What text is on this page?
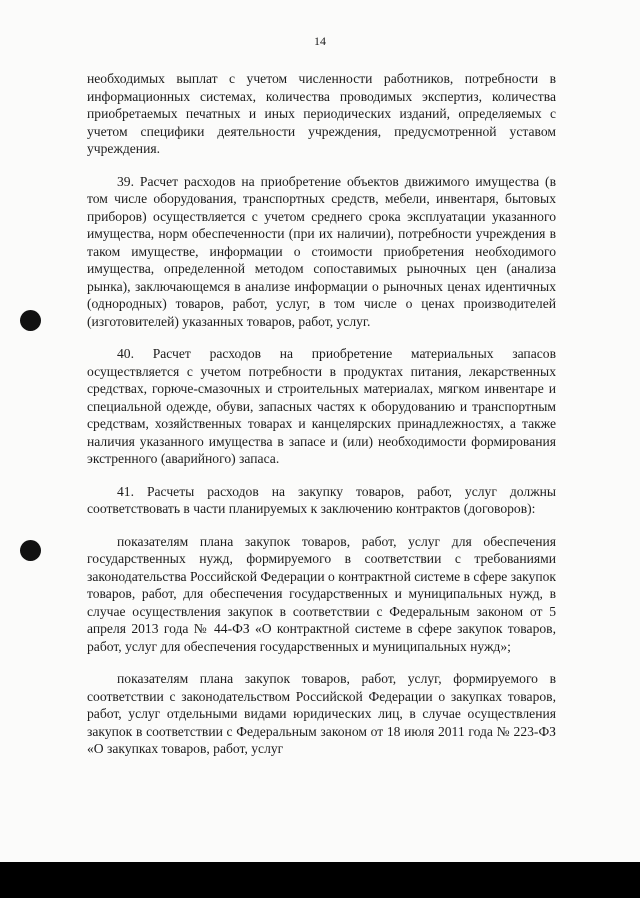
14

необходимых выплат с учетом численности работников, потребности в информационных системах, количества проводимых экспертиз, количества приобретаемых печатных и иных периодических изданий, определяемых с учетом специфики деятельности учреждения, предусмотренной уставом учреждения.

39. Расчет расходов на приобретение объектов движимого имущества (в том числе оборудования, транспортных средств, мебели, инвентаря, бытовых приборов) осуществляется с учетом среднего срока эксплуатации указанного имущества, норм обеспеченности (при их наличии), потребности учреждения в таком имуществе, информации о стоимости приобретения необходимого имущества, определенной методом сопоставимых рыночных цен (анализа рынка), заключающемся в анализе информации о рыночных ценах идентичных (однородных) товаров, работ, услуг, в том числе о ценах производителей (изготовителей) указанных товаров, работ, услуг.

40. Расчет расходов на приобретение материальных запасов осуществляется с учетом потребности в продуктах питания, лекарственных средствах, горюче-смазочных и строительных материалах, мягком инвентаре и специальной одежде, обуви, запасных частях к оборудованию и транспортным средствам, хозяйственных товарах и канцелярских принадлежностях, а также наличия указанного имущества в запасе и (или) необходимости формирования экстренного (аварийного) запаса.

41. Расчеты расходов на закупку товаров, работ, услуг должны соответствовать в части планируемых к заключению контрактов (договоров):

показателям плана закупок товаров, работ, услуг для обеспечения государственных нужд, формируемого в соответствии с требованиями законодательства Российской Федерации о контрактной системе в сфере закупок товаров, работ, для обеспечения государственных и муниципальных нужд, в случае осуществления закупок в соответствии с Федеральным законом от 5 апреля 2013 года № 44-ФЗ «О контрактной системе в сфере закупок товаров, работ, услуг для обеспечения государственных и муниципальных нужд»;

показателям плана закупок товаров, работ, услуг, формируемого в соответствии с законодательством Российской Федерации о закупках товаров, работ, услуг отдельными видами юридических лиц, в случае осуществления закупок в соответствии с Федеральным законом от 18 июля 2011 года № 223-ФЗ «О закупках товаров, работ, услуг
